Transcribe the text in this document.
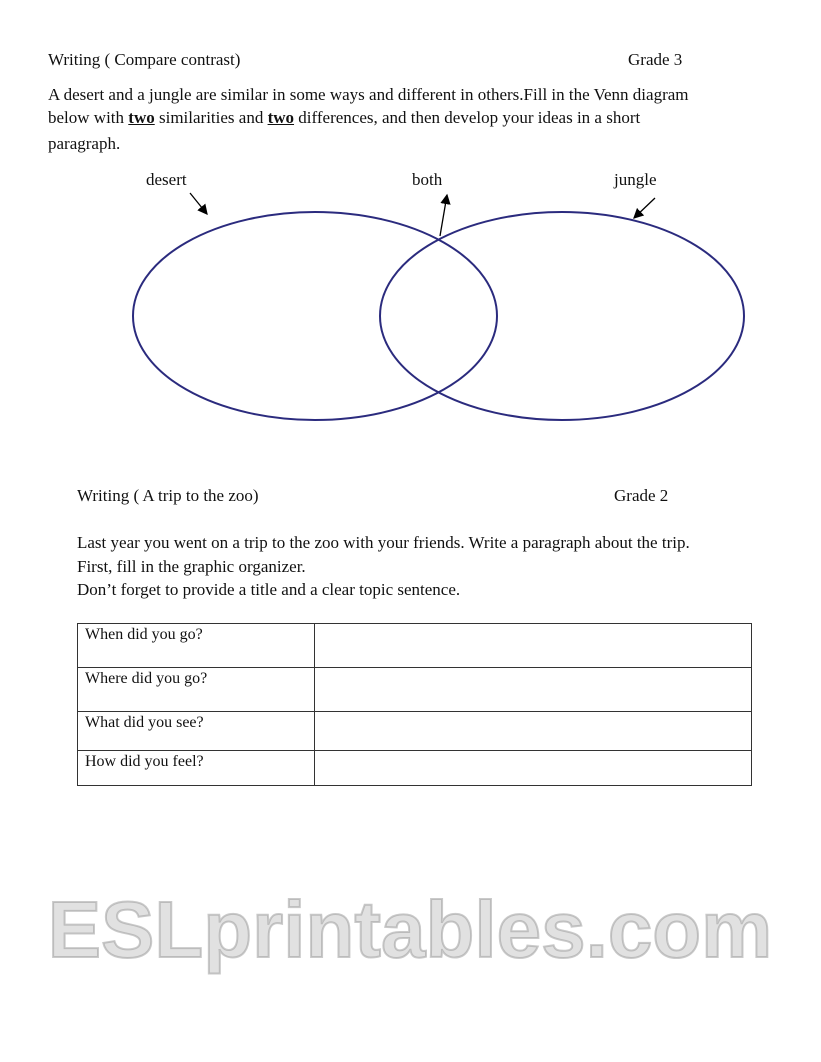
Writing ( Compare contrast)	Grade 3
A desert and a jungle are similar in some ways and different in others.Fill in the Venn diagram
below with two similarities and two differences, and then develop your ideas in a short
paragraph.
desert	both	jungle
Writing ( A trip to the zoo)	Grade 2
Last year you went on a trip to the zoo with your friends. Write a paragraph about the trip.
First, fill in the graphic organizer.
Don’t forget to provide a title and a clear topic sentence.
When did you go?	
Where did you go?	
What did you see?	
How did you feel?	
ESLprintables.com
